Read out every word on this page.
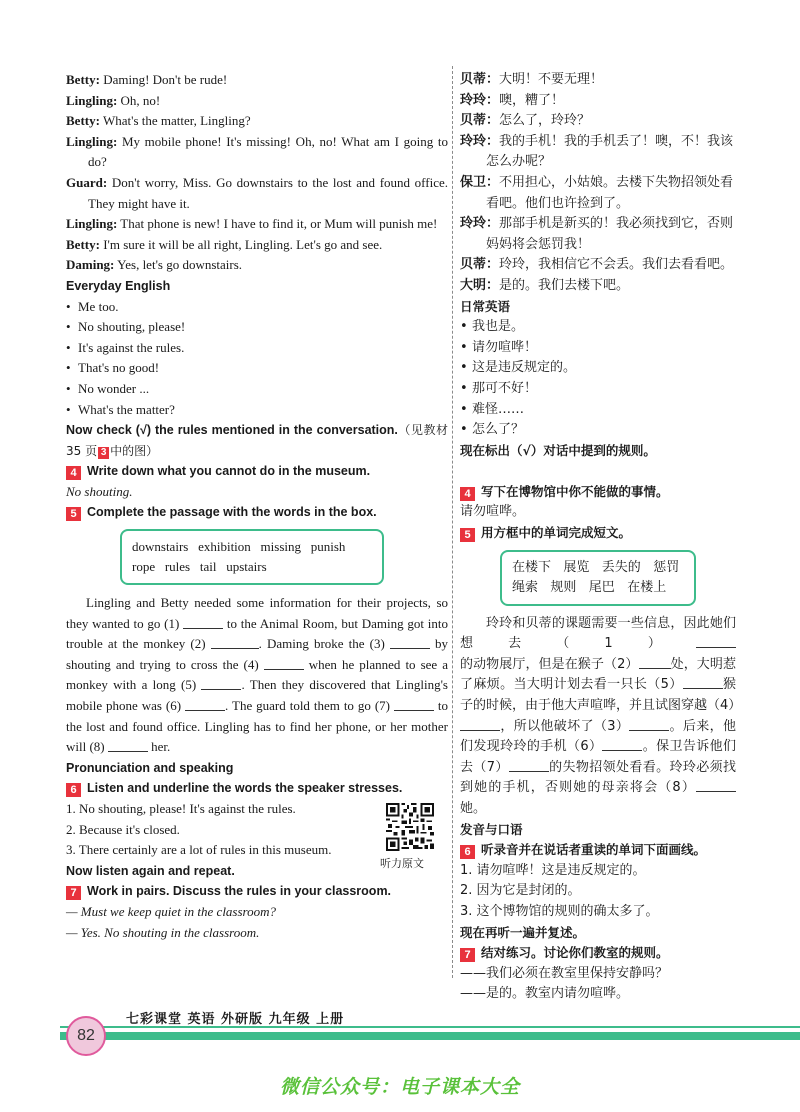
Betty: Daming! Don't be rude!
Lingling: Oh, no!
Betty: What's the matter, Lingling?
Lingling: My mobile phone! It's missing! Oh, no! What am I going to do?
Guard: Don't worry, Miss. Go downstairs to the lost and found office. They might have it.
Lingling: That phone is new! I have to find it, or Mum will punish me!
Betty: I'm sure it will be all right, Lingling. Let's go and see.
Daming: Yes, let's go downstairs.
Everyday English
• Me too.
• No shouting, please!
• It's against the rules.
• That's no good!
• No wonder ...
• What's the matter?
Now check (√) the rules mentioned in the conversation.（见教材 35 页 3 中的图）
4 Write down what you cannot do in the museum.
No shouting.
5 Complete the passage with the words in the box.
downstairs   exhibition   missing   punish
rope   rules   tail   upstairs
Lingling and Betty needed some information for their projects, so they wanted to go (1)	to the Animal Room, but Daming got into trouble at the monkey (2)	. Daming broke the (3)	by shouting and trying to cross the (4)	when he planned to see a monkey with a long (5)	. Then they discovered that Lingling's mobile phone was (6)	. The guard told them to go (7)	to the lost and found office. Lingling has to find her phone, or her mother will (8)	her.
Pronunciation and speaking
6 Listen and underline the words the speaker stresses.
1. No shouting, please! It's against the rules.
2. Because it's closed.
3. There certainly are a lot of rules in this museum.
Now listen again and repeat.
7 Work in pairs. Discuss the rules in your classroom.
— Must we keep quiet in the classroom?
— Yes. No shouting in the classroom.
听力原文
贝蒂：大明！不要无理！
玲玲：噢，糟了！
贝蒂：怎么了，玲玲？
玲玲：我的手机！我的手机丢了！噢，不！我该怎么办呢？
保卫：不用担心，小姑娘。去楼下失物招领处看看吧。他们也许捡到了。
玲玲：那部手机是新买的！我必须找到它，否则妈妈将会惩罚我！
贝蒂：玲玲，我相信它不会丢。我们去看看吧。
大明：是的。我们去楼下吧。
日常英语
• 我也是。
• 请勿喧哗！
• 这是违反规定的。
• 那可不好！
• 难怪……
• 怎么了？
现在标出（√）对话中提到的规则。
4 写下在博物馆中你不能做的事情。
请勿喧哗。
5 用方框中的单词完成短文。
在楼下   展览   丢失的   惩罚
绳索   规则   尾巴   在楼上
玲玲和贝蒂的课题需要一些信息，因此她们想去（1）的动物展厅，但是在猴子（2） 处，大明惹了麻烦。当大明计划去看一只长（5）	猴子的时候，由于他大声喧哗，并且试图穿越（4），所以他破坏了（3）	。后来，他们发现玲玲的手机（6）	。保卫告诉他们去（7）	的失物招领处看看。玲玲必须找到她的手机，否则她的母亲将会（8）她。
发音与口语
6 听录音并在说话者重读的单词下面画线。
1. 请勿喧哗！这是违反规定的。
2. 因为它是封闭的。
3. 这个博物馆的规则的确太多了。
现在再听一遍并复述。
7 结对练习。讨论你们教室的规则。
——我们必须在教室里保持安静吗？
——是的。教室内请勿喧哗。
82
七彩课堂 英语 外研版 九年级 上册
微信公众号：电子课本大全
